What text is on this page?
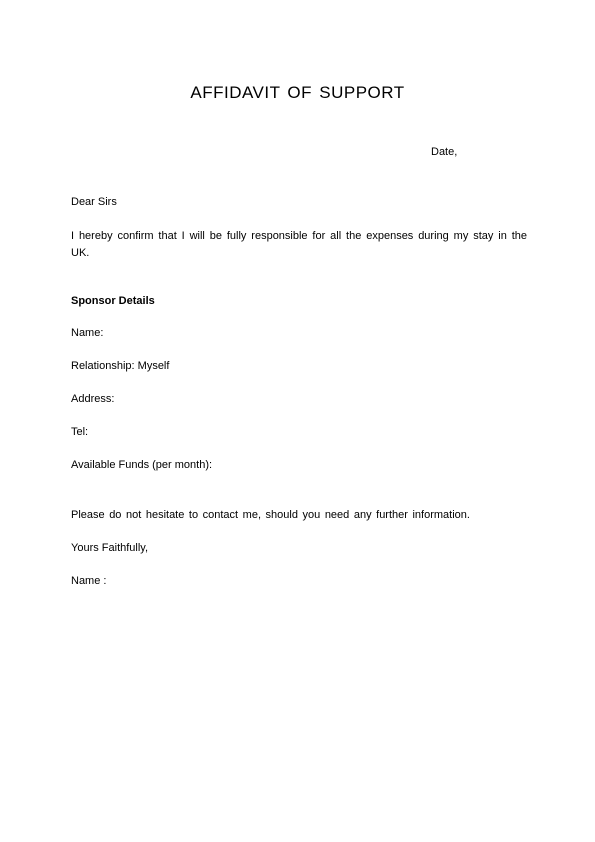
AFFIDAVIT OF SUPPORT
Date,
Dear Sirs
I hereby confirm that I will be fully responsible for all the expenses during my stay in the UK.
Sponsor Details
Name:
Relationship: Myself
Address:
Tel:
Available Funds (per month):
Please do not hesitate to contact me, should you need any further information.
Yours Faithfully,
Name :
